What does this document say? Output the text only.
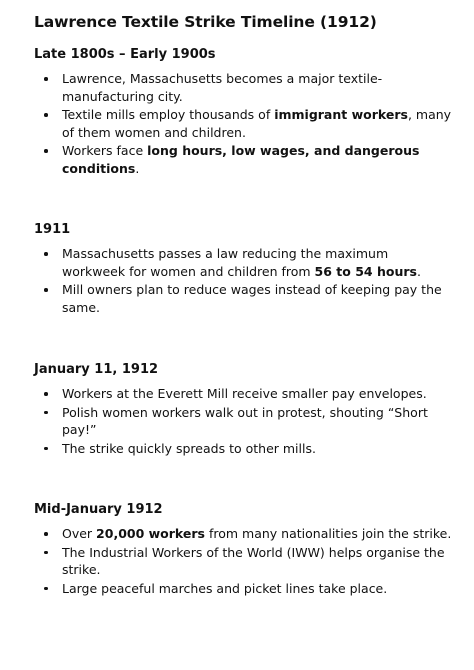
Lawrence Textile Strike Timeline (1912)
Late 1800s – Early 1900s
Lawrence, Massachusetts becomes a major textile-manufacturing city.
Textile mills employ thousands of immigrant workers, many of them women and children.
Workers face long hours, low wages, and dangerous conditions.
1911
Massachusetts passes a law reducing the maximum workweek for women and children from 56 to 54 hours.
Mill owners plan to reduce wages instead of keeping pay the same.
January 11, 1912
Workers at the Everett Mill receive smaller pay envelopes.
Polish women workers walk out in protest, shouting “Short pay!”
The strike quickly spreads to other mills.
Mid-January 1912
Over 20,000 workers from many nationalities join the strike.
The Industrial Workers of the World (IWW) helps organise the strike.
Large peaceful marches and picket lines take place.
